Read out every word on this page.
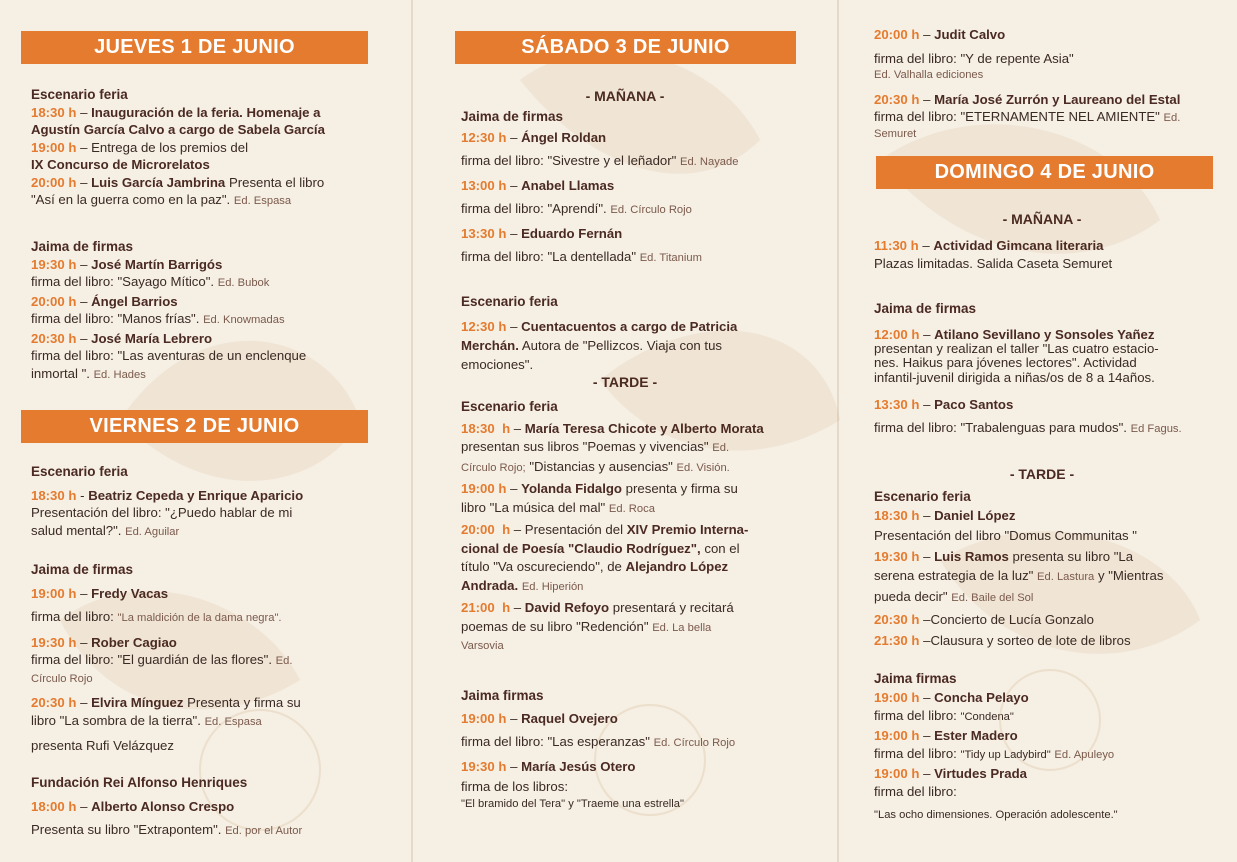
JUEVES 1 DE JUNIO
Escenario feria
18:30 h – Inauguración de la feria. Homenaje a
Agustín García Calvo a cargo de Sabela García
19:00 h – Entrega de los premios del
IX Concurso de Microrelatos
20:00 h – Luis García Jambrina Presenta el libro
"Así en la guerra como en la paz". Ed. Espasa
Jaima de firmas
19:30 h – José Martín Barrigós
firma del libro: "Sayago Mítico". Ed. Bubok
20:00 h – Ángel Barrios
firma del libro: "Manos frías". Ed. Knowmadas
20:30 h – José María Lebrero
firma del libro: "Las aventuras de un enclenque
inmortal ". Ed. Hades
VIERNES 2 DE JUNIO
Escenario feria
18:30 h - Beatriz Cepeda y Enrique Aparicio
Presentación del libro: "¿Puedo hablar de mi
salud mental?". Ed. Aguilar
Jaima de firmas
19:00 h – Fredy Vacas
firma del libro: "La maldición de la dama negra".
19:30 h – Rober Cagiao
firma del libro: "El guardián de las flores". Ed.
Círculo Rojo
20:30 h – Elvira Mínguez Presenta y firma su
libro "La sombra de la tierra". Ed. Espasa
presenta Rufi Velázquez
Fundación Rei Alfonso Henriques
18:00 h – Alberto Alonso Crespo
Presenta su libro "Extrapontem". Ed. por el Autor
SÁBADO 3 DE JUNIO
- MAÑANA -
Jaima de firmas
12:30 h – Ángel Roldan
firma del libro: "Sivestre y el leñador" Ed. Nayade
13:00 h – Anabel Llamas
firma del libro: "Aprendí". Ed. Círculo Rojo
13:30 h – Eduardo Fernán
firma del libro: "La dentellada" Ed. Titanium
Escenario feria
12:30 h – Cuentacuentos a cargo de Patricia
Merchán. Autora de "Pellizcos. Viaja con tus
emociones".
- TARDE -
Escenario feria
18:30 h – María Teresa Chicote y Alberto Morata
presentan sus libros "Poemas y vivencias" Ed.
Círculo Rojo; "Distancias y ausencias" Ed. Visión.
19:00 h – Yolanda Fidalgo presenta y firma su
libro "La música del mal" Ed. Roca
20:00 h – Presentación del XIV Premio Interna-
cional de Poesía "Claudio Rodríguez", con el
título "Va oscureciendo", de Alejandro López
Andrada. Ed. Hiperión
21:00 h – David Refoyo presentará y recitará
poemas de su libro "Redención" Ed. La bella
Varsovia
Jaima firmas
19:00 h – Raquel Ovejero
firma del libro: "Las esperanzas" Ed. Círculo Rojo
19:30 h – María Jesús Otero
firma de los libros:
"El bramido del Tera" y "Traeme una estrella"
20:00 h – Judit Calvo
firma del libro: "Y de repente Asia"
Ed. Valhalla ediciones
20:30 h – María José Zurrón y Laureano del Estal
firma del libro: "ETERNAMENTE NEL AMIENTE" Ed.
Semuret
DOMINGO 4 DE JUNIO
- MAÑANA -
11:30 h – Actividad Gimcana literaria
Plazas limitadas. Salida Caseta Semuret
Jaima de firmas
12:00 h – Atilano Sevillano y Sonsoles Yañez
presentan y realizan el taller "Las cuatro estacio-
nes. Haikus para jóvenes lectores". Actividad
infantil-juvenil dirigida a niñas/os de 8 a 14años.
13:30 h – Paco Santos
firma del libro: "Trabalenguas para mudos". Ed Fagus.
- TARDE -
Escenario feria
18:30 h – Daniel López
Presentación del libro "Domus Communitas "
19:30 h – Luis Ramos presenta su libro "La
serena estrategia de la luz" Ed. Lastura y "Mientras
pueda decir" Ed. Baile del Sol
20:30 h –Concierto de Lucía Gonzalo
21:30 h –Clausura y sorteo de lote de libros
Jaima firmas
19:00 h – Concha Pelayo
firma del libro: "Condena"
19:00 h – Ester Madero
firma del libro: "Tidy up Ladybird" Ed. Apuleyo
19:00 h – Virtudes Prada
firma del libro:
"Las ocho dimensiones. Operación adolescente."
